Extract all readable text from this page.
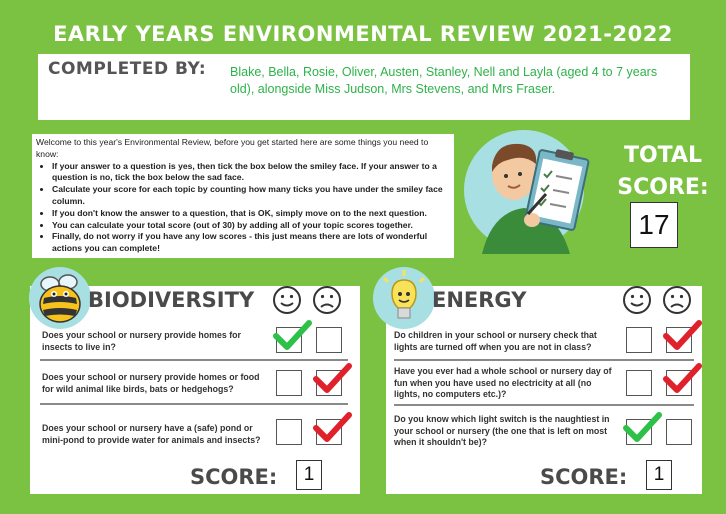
EARLY YEARS ENVIRONMENTAL REVIEW 2021-2022
COMPLETED BY: Blake, Bella, Rosie, Oliver, Austen, Stanley, Nell and Layla (aged 4 to 7 years old), alongside Miss Judson, Mrs Stevens, and Mrs Fraser.

Welcome to this year's Environmental Review, before you get started here are some things you need to know:

• If your answer to a question is yes, then tick the box below the smiley face. If your answer to a question is no, tick the box below the sad face.
• Calculate your score for each topic by counting how many ticks you have under the smiley face column.
• If you don't know the answer to a question, that is OK, simply move on to the next question.
• You can calculate your total score (out of 30) by adding all of your topic scores together.
• Finally, do not worry if you have any low scores - this just means there are lots of wonderful actions you can complete!
TOTAL
SCORE:
17
BIODIVERSITY
Does your school or nursery provide homes for insects to live in?
Does your school or nursery provide homes or food for wild animal like birds, bats or hedgehogs?
Does your school or nursery have a (safe) pond or mini-pond to provide water for animals and insects?
SCORE:	1
ENERGY
Do children in your school or nursery check that lights are turned off when you are not in class?
Have you ever had a whole school or nursery day of fun when you have used no electricity at all (no lights, no computers etc.)?
Do you know which light switch is the naughtiest in your school or nursery (the one that is left on most when it shouldn't be)?
SCORE:	1
